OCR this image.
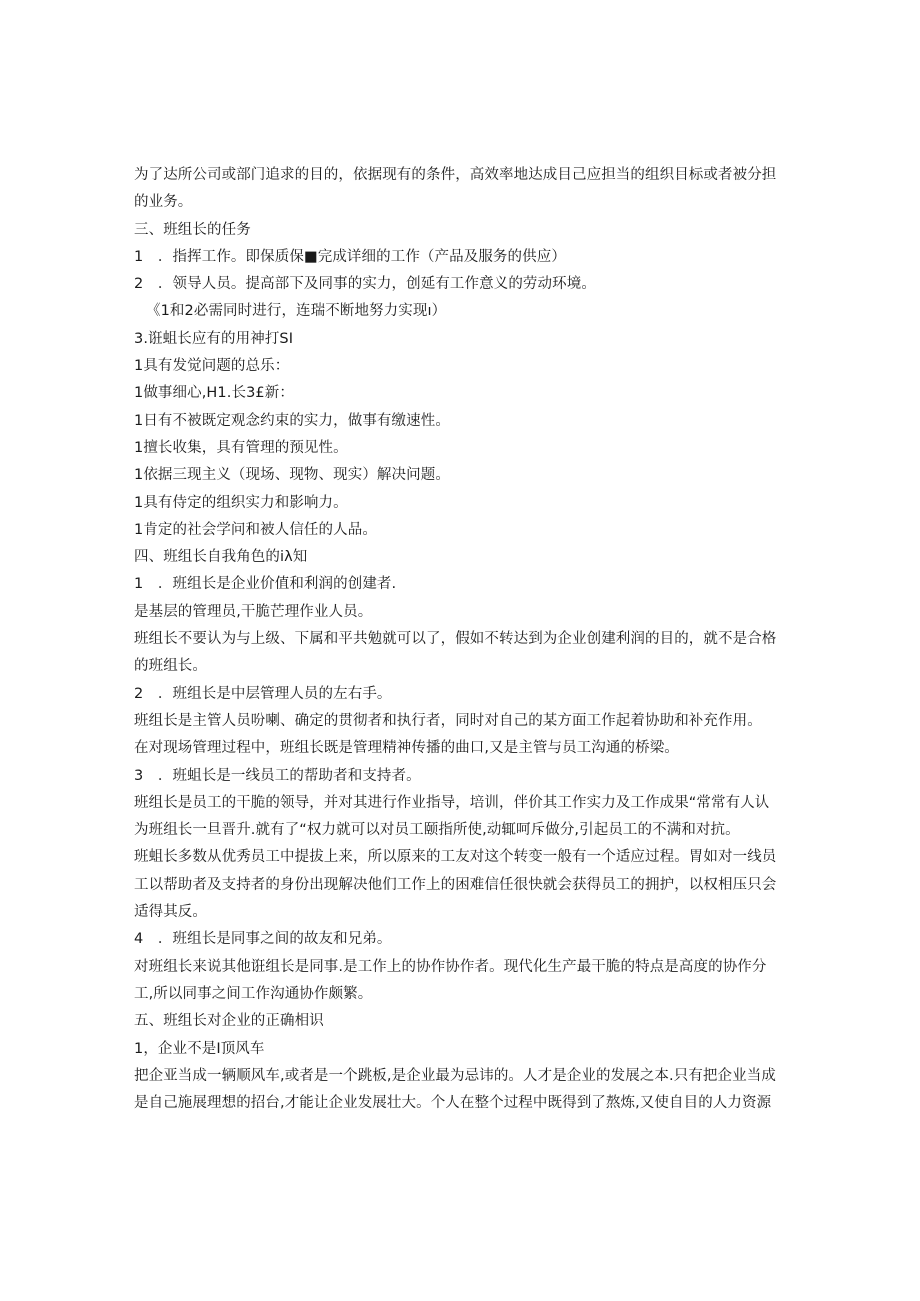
为了达所公司或部门追求的目的，依据现有的条件，高效率地达成目己应担当的组织目标或者被分担
的业务。
三、班组长的任务
1　．指挥工作。即保质保■完成详细的工作（产品及服务的供应）
2　．领导人员。提高部下及同事的实力，创延有工作意义的劳动环境。
《1和2必需同时进行，连瑞不断地努力实现ı）
3.诳蛆长应有的用神打SI
1具有发觉问题的总乐：
1做事细心,H1.长3£新：
1日有不被既定观念约束的实力，做事有缴速性。
1擅长收集，具有管理的预见性。
1依据三现主义（现场、现物、现实）解决问题。
1具有侍定的组织实力和影响力。
1肯定的社会学问和被人信任的人品。
四、班组长自我角色的iλ知
1　．班组长是企业价值和利润的创建者.
是基层的管理员,干脆芒理作业人员。
班组长不要认为与上级、下属和平共勉就可以了，假如不转达到为企业创建利润的目的，就不是合格
的班组长。
2　．班组长是中层管理人员的左右手。
班组长是主管人员吩喇、确定的贯彻者和执行者，同时对自己的某方面工作起着协助和补充作用。
在对现场管理过程中，班组长既是管理精神传播的曲口,又是主管与员工沟通的桥梁。
3　．班蛆长是一线员工的帮助者和支持者。
班组长是员工的干脆的领导，并对其进行作业指导，培训，伴价其工作实力及工作成果“常常有人认
为班组长一旦晋升.就有了“权力就可以对员工颐指所使,动辄呵斥做分,引起员工的不满和对抗。
班蛆长多数从优秀员工中提拔上来，所以原来的工友对这个转变一般有一个适应过程。胃如对一线员
工以帮助者及支持者的身份出现解决他们工作上的困难信任很快就会获得员工的拥护，以权相压只会
适得其反。
4　．班组长是同事之间的故友和兄弟。
对班组长来说其他诳组长是同事.是工作上的协作协作者。现代化生产最干脆的特点是高度的协作分
工,所以同事之间工作沟通协作颇繁。
五、班组长对企业的正确相识
1，企业不是I顶风车
把企亚当成一辆顺风车,或者是一个跳板,是企业最为忌讳的。人才是企业的发展之本.只有把企业当成
是自己施展理想的招台,才能让企业发展壮大。个人在整个过程中既得到了熬炼,又使自目的人力资源
